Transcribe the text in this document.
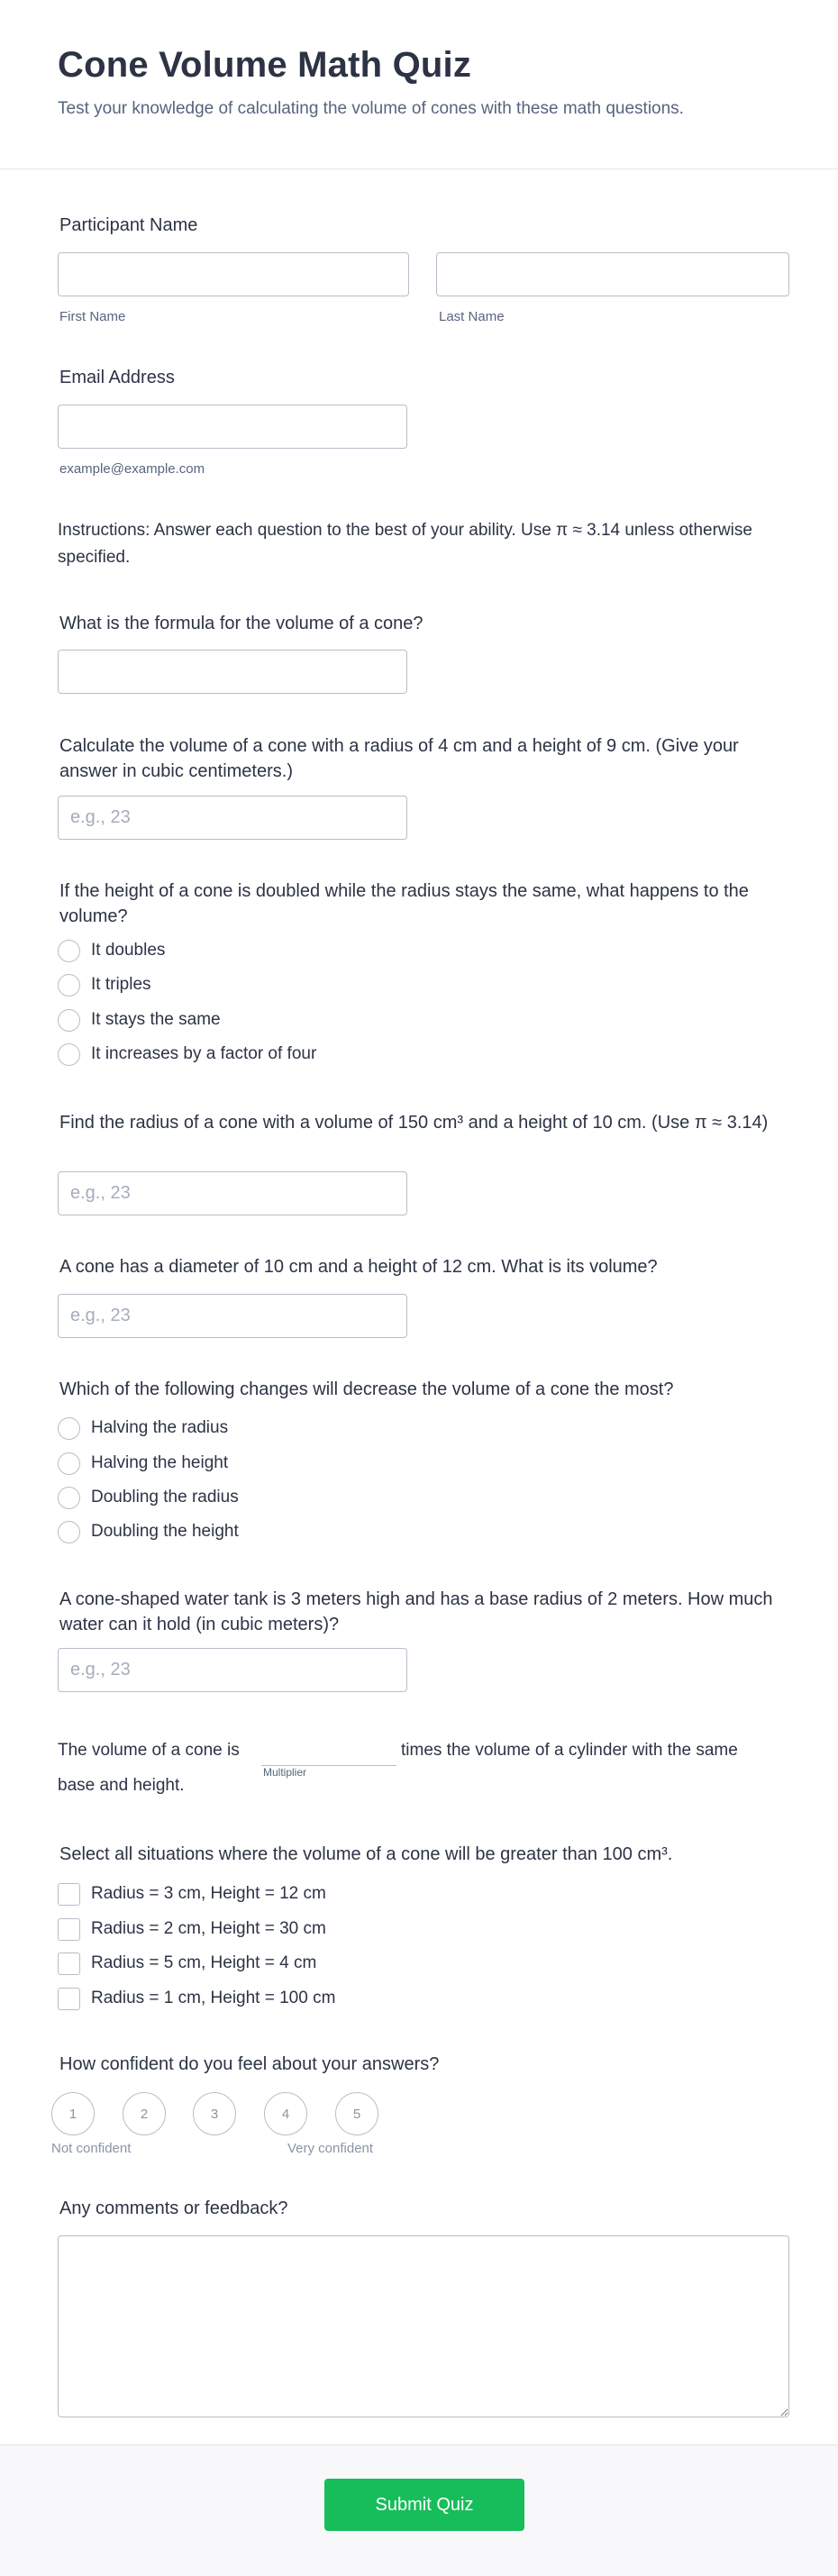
Cone Volume Math Quiz
Test your knowledge of calculating the volume of cones with these math questions.
Participant Name
First Name	Last Name
Email Address
example@example.com
Instructions: Answer each question to the best of your ability. Use π ≈ 3.14 unless otherwise specified.
What is the formula for the volume of a cone?
Calculate the volume of a cone with a radius of 4 cm and a height of 9 cm. (Give your answer in cubic centimeters.)
e.g., 23
If the height of a cone is doubled while the radius stays the same, what happens to the volume?
It doubles
It triples
It stays the same
It increases by a factor of four
Find the radius of a cone with a volume of 150 cm³ and a height of 10 cm. (Use π ≈ 3.14)
e.g., 23
A cone has a diameter of 10 cm and a height of 12 cm. What is its volume?
e.g., 23
Which of the following changes will decrease the volume of a cone the most?
Halving the radius
Halving the height
Doubling the radius
Doubling the height
A cone-shaped water tank is 3 meters high and has a base radius of 2 meters. How much water can it hold (in cubic meters)?
e.g., 23
The volume of a cone is
Multiplier
times the volume of a cylinder with the same
base and height.
Select all situations where the volume of a cone will be greater than 100 cm³.
Radius = 3 cm, Height = 12 cm
Radius = 2 cm, Height = 30 cm
Radius = 5 cm, Height = 4 cm
Radius = 1 cm, Height = 100 cm
How confident do you feel about your answers?
1	2	3	4	5
Not confident	Very confident
Any comments or feedback?
Submit Quiz
